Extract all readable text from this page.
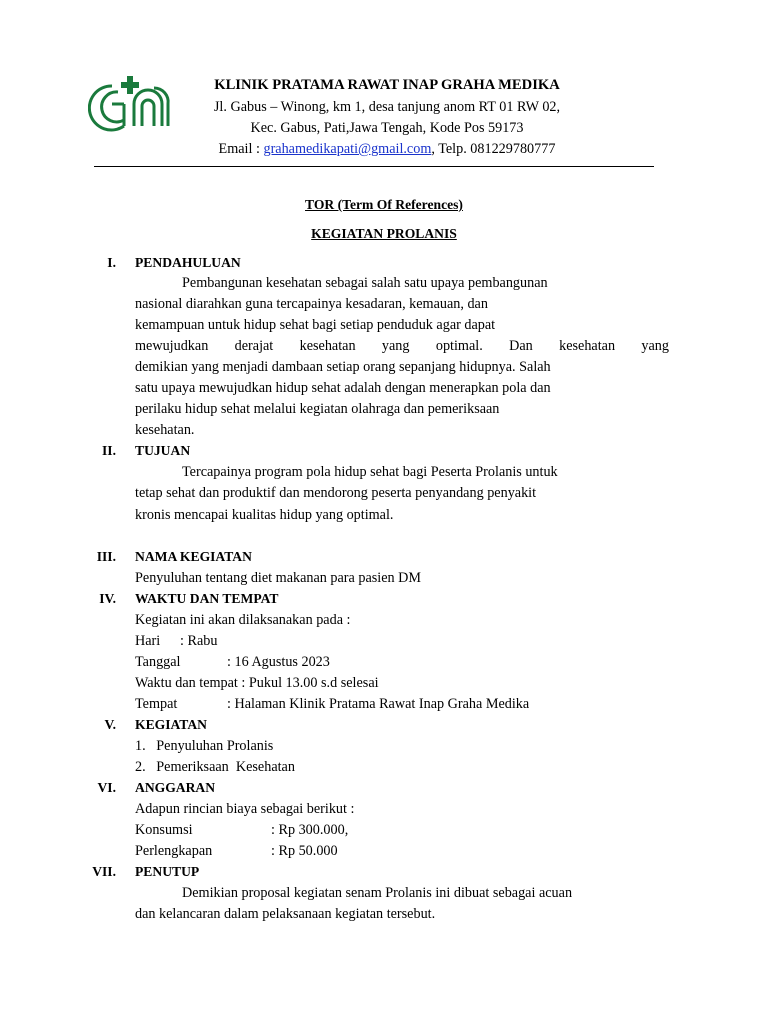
KLINIK PRATAMA RAWAT INAP GRAHA MEDIKA
Jl. Gabus – Winong, km 1, desa tanjung anom RT 01 RW 02,
Kec. Gabus, Pati,Jawa Tengah, Kode Pos 59173
Email : grahamedikapati@gmail.com, Telp. 081229780777
TOR (Term Of References)
KEGIATAN PROLANIS
I. PENDAHULUAN
Pembangunan kesehatan sebagai salah satu upaya pembangunan
nasional diarahkan guna tercapainya kesadaran, kemauan, dan
kemampuan untuk hidup sehat bagi setiap penduduk agar dapat
mewujudkan derajat kesehatan yang optimal. Dan kesehatan yang
demikian yang menjadi dambaan setiap orang sepanjang hidupnya. Salah
satu upaya mewujudkan hidup sehat adalah dengan menerapkan pola dan
perilaku hidup sehat melalui kegiatan olahraga dan pemeriksaan
kesehatan.
II. TUJUAN
Tercapainya program pola hidup sehat bagi Peserta Prolanis untuk
tetap sehat dan produktif dan mendorong peserta penyandang penyakit
kronis mencapai kualitas hidup yang optimal.
III. NAMA KEGIATAN
Penyuluhan tentang diet makanan para pasien DM
IV. WAKTU DAN TEMPAT
Kegiatan ini akan dilaksanakan pada :
Hari : Rabu
Tanggal	: 16 Agustus 2023
Waktu dan tempat : Pukul 13.00 s.d selesai
Tempat	: Halaman Klinik Pratama Rawat Inap Graha Medika
V. KEGIATAN
1.   Penyuluhan Prolanis
2.   Pemeriksaan  Kesehatan
VI. ANGGARAN
Adapun rincian biaya sebagai berikut :
Konsumsi	: Rp 300.000,
Perlengkapan	: Rp 50.000
VII. PENUTUP
Demikian proposal kegiatan senam Prolanis ini dibuat sebagai acuan
dan kelancaran dalam pelaksanaan kegiatan tersebut.
